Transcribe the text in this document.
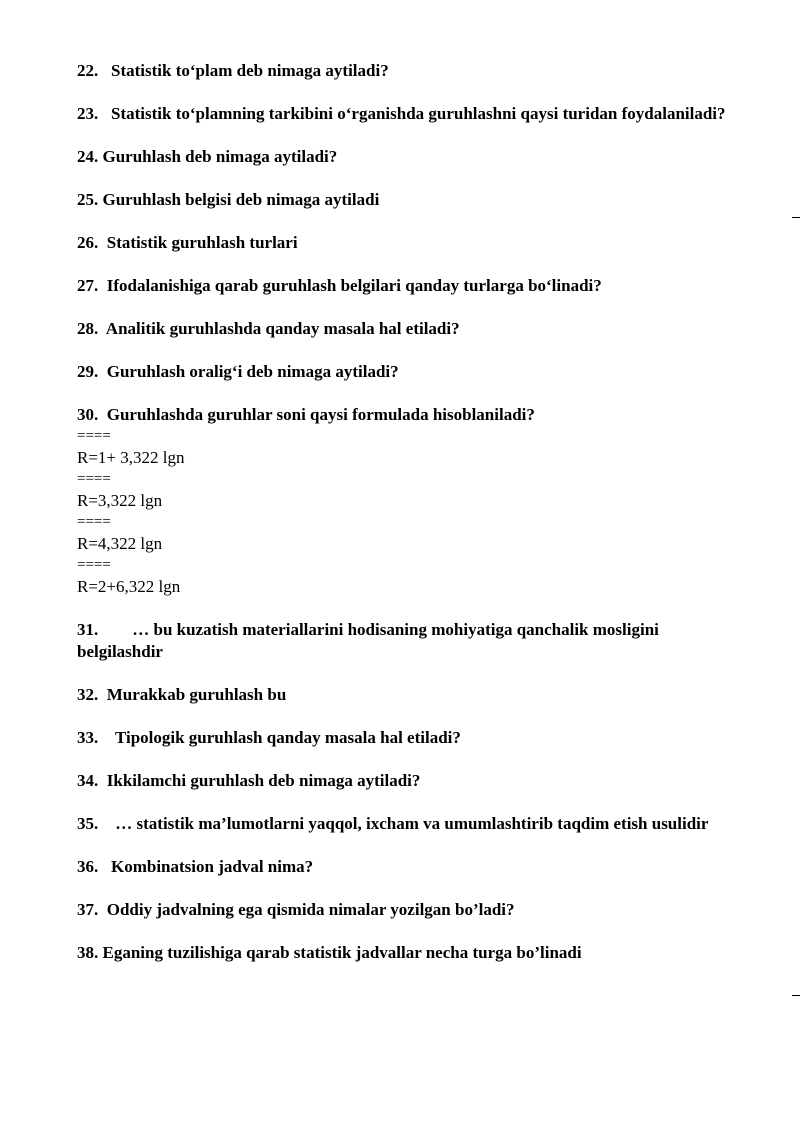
22.   Statistik to‘plam deb nimaga aytiladi?
23.   Statistik to‘plamning tarkibini o‘rganishda guruhlashni qaysi turidan foydalaniladi?
24. Guruhlash deb nimaga aytiladi?
25. Guruhlash belgisi deb nimaga aytiladi
26.  Statistik guruhlash turlari
27.  Ifodalanishiga qarab guruhlash belgilari qanday turlarga bo‘linadi?
28.  Analitik guruhlashda qanday masala hal etiladi?
29.  Guruhlash oralig‘i deb nimaga aytiladi?
30.  Guruhlashda guruhlar soni qaysi formulada hisoblaniladi?
====
R=1+ 3,322 lgn
====
R=3,322 lgn
====
R=4,322 lgn
====
R=2+6,322 lgn
31.        … bu kuzatish materiallarini hodisaning mohiyatiga qanchalik mosligini belgilashdir
32.  Murakkab guruhlash bu
33.    Tipologik guruhlash qanday masala hal etiladi?
34.  Ikkilamchi guruhlash deb nimaga aytiladi?
35.    … statistik ma’lumotlarni yaqqol, ixcham va umumlashtirib taqdim etish usulidir
36.   Kombinatsion jadval nima?
37.  Oddiy jadvalning ega qismida nimalar yozilgan bo’ladi?
38. Eganing tuzilishiga qarab statistik jadvallar necha turga bo’linadi
